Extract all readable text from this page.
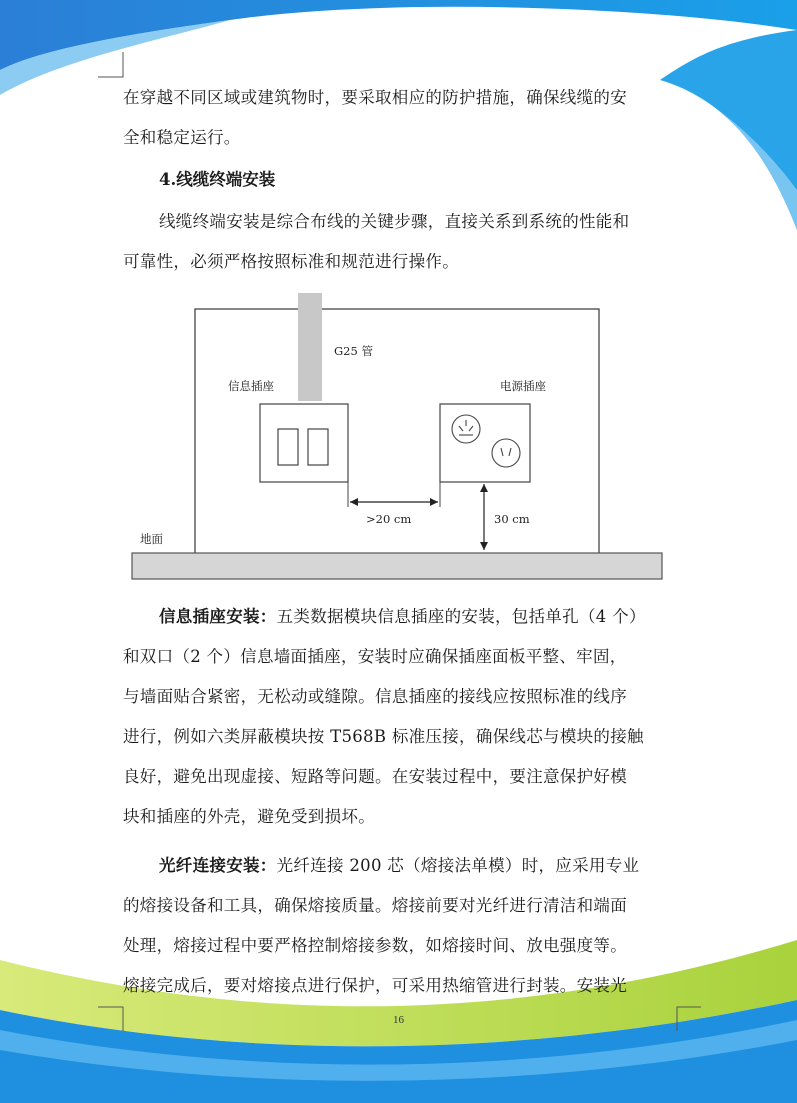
在穿越不同区域或建筑物时，要采取相应的防护措施，确保线缆的安
全和稳定运行。
4.线缆终端安装
线缆终端安装是综合布线的关键步骤，直接关系到系统的性能和
可靠性，必须严格按照标准和规范进行操作。
G25 管
信息插座	电源插座
>20 cm	30 cm
地面
信息插座安装：五类数据模块信息插座的安装，包括单孔（4 个）
和双口（2 个）信息墙面插座，安装时应确保插座面板平整、牢固，
与墙面贴合紧密，无松动或缝隙。信息插座的接线应按照标准的线序
进行，例如六类屏蔽模块按 T568B 标准压接，确保线芯与模块的接触
良好，避免出现虚接、短路等问题。在安装过程中，要注意保护好模
块和插座的外壳，避免受到损坏。
光纤连接安装：光纤连接 200 芯（熔接法单模）时，应采用专业
的熔接设备和工具，确保熔接质量。熔接前要对光纤进行清洁和端面
处理，熔接过程中要严格控制熔接参数，如熔接时间、放电强度等。
熔接完成后，要对熔接点进行保护，可采用热缩管进行封装。安装光
16
